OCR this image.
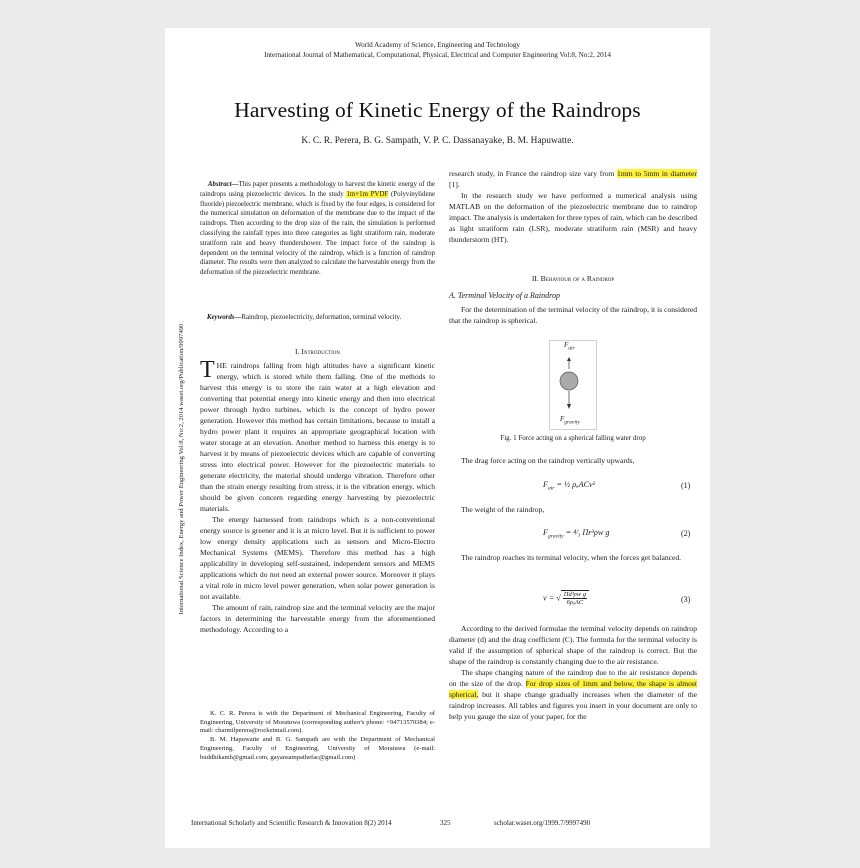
World Academy of Science, Engineering and Technology
International Journal of Mathematical, Computational, Physical, Electrical and Computer Engineering Vol:8, No:2, 2014
Harvesting of Kinetic Energy of the Raindrops
K. C. R. Perera, B. G. Sampath, V. P. C. Dassanayake, B. M. Hapuwatte.
International Science Index, Energy and Power Engineering Vol:8, No:2, 2014 waset.org/Publication/9997490
Abstract—This paper presents a methodology to harvest the kinetic energy of the raindrops using piezoelectric devices. In the study 1m×1m PVDF (Polyvinylidene fluoride) piezoelectric membrane, which is fixed by the four edges, is considered for the numerical simulation on deformation of the membrane due to the impact of the raindrops. Then according to the drop size of the rain, the simulation is performed classifying the rainfall types into three categories as light stratiform rain, moderate stratiform rain and heavy thundershower. The impact force of the raindrop is dependent on the terminal velocity of the raindrop, which is a function of raindrop diameter. The results were then analyzed to calculate the harvestable energy from the deformation of the piezoelectric membrane.
Keywords—Raindrop, piezoelectricity, deformation, terminal velocity.
I. Introduction

THE raindrops falling from high altitudes have a significant kinetic energy, which is stored while them falling. One of the methods to harvest this energy is to store the rain water at a high elevation and converting that potential energy into kinetic energy and then into electrical power through hydro turbines, which is the concept of hydro power generation. However this method has certain limitations, because to install a hydro power plant it requires an appropriate geographical location with water storage at an elevation. Another method to harness this energy is to harvest it by means of piezoelectric devices which are capable of converting stress into electrical power. However for the piezoelectric materials to generate electricity, the material should undergo vibration. Therefore other than the strain energy resulting from stress, it is the vibration energy, which should be given concern regarding energy harvesting by piezoelectric materials.

The energy harnessed from raindrops which is a non-conventional energy source is greener and it is at micro level. But it is sufficient to power low energy density applications such as sensors and Micro-Electro Mechanical Systems (MEMS). Therefore this method has a high applicability in developing self-sustained, independent sensors and MEMS applications which do not need an external power source. Moreover it plays a vital role in micro level power generation, when solar power generation is not available.

The amount of rain, raindrop size and the terminal velocity are the major factors in determining the harvestable energy from the aforementioned methodology. According to a

K. C. R. Perera is with the Department of Mechanical Engineering, Faculty of Engineering, University of Moratuwa (corresponding author's phone: +94713570384; e-mail: charmilperera@rocketmail.com).

B. M. Hapuwatte and B. G. Sampath are with the Department of Mechanical Engineering, Faculty of Engineering, University of Moratuwa (e-mail: buddhikamh@gmail.com, gayansampathefac@gmail.com)

research study, in France the raindrop size vary from 1mm to 5mm in diameter [1].

In the research study we have performed a numerical analysis using MATLAB on the deformation of the piezoelectric membrane due to raindrop impact. The analysis is undertaken for three types of rain, which can be described as light stratiform rain (LSR), moderate stratiform rain (MSR) and heavy thunderstorm (HT).

II. Behaviour of a Raindrop
A. Terminal Velocity of a Raindrop

For the determination of the terminal velocity of the raindrop, it is considered that the raindrop is spherical.

$F_{air}$
$F_{gravity}$
Fig. 1 Force acting on a spherical falling water drop

The drag force acting on the raindrop vertically upwards,

$F_{air}$ = ½ ρₐACv²	(1)

The weight of the raindrop,

$F_{gravity}$ = ⁴⁄₃ Πr³ρw g	(2)

The raindrop reaches its terminal velocity, when the forces get balanced.

v = √ $\frac{\text{Πd³ρw g}}{\text{6ρₐAC}}$	(3)

According to the derived formulae the terminal velocity depends on raindrop diameter (d) and the drag coefficient (C). The formula for the terminal velocity is valid if the assumption of spherical shape of the raindrop is correct. But the shape of the raindrop is constantly changing due to the air resistance.

The shape changing nature of the raindrop due to the air resistance depends on the size of the drop. For drop sizes of 1mm and below, the shape is almost spherical, but it shape change gradually increases when the diameter of the raindrop increases. All tables and figures you insert in your document are only to help you gauge the size of your paper, for the

International Scholarly and Scientific Research & Innovation 8(2) 2014	325	scholar.waset.org/1999.7/9997490
